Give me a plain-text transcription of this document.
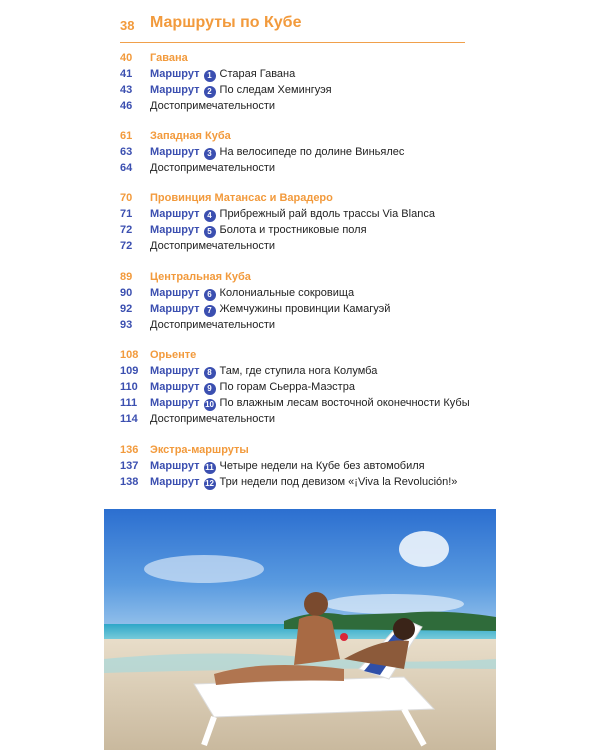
38 Маршруты по Кубе
40	Гавана
41	Маршрут 1 Старая Гавана
43	Маршрут 2 По следам Хемингуэя
46	Достопримечательности
61	Западная Куба
63	Маршрут 3 На велосипеде по долине Виньялес
64	Достопримечательности
70	Провинция Матансас и Варадеро
71	Маршрут 4 Прибрежный рай вдоль трассы Via Blanca
72	Маршрут 5 Болота и тростниковые поля
72	Достопримечательности
89	Центральная Куба
90	Маршрут 6 Колониальные сокровища
92	Маршрут 7 Жемчужины провинции Камагуэй
93	Достопримечательности
108	Орьенте
109	Маршрут 8 Там, где ступила нога Колумба
110	Маршрут 9 По горам Сьерра-Маэстра
111	Маршрут 10 По влажным лесам восточной оконечности Кубы
114	Достопримечательности
136	Экстра-маршруты
137	Маршрут 11 Четыре недели на Кубе без автомобиля
138	Маршрут 12 Три недели под девизом «¡Viva la Revolución!»
